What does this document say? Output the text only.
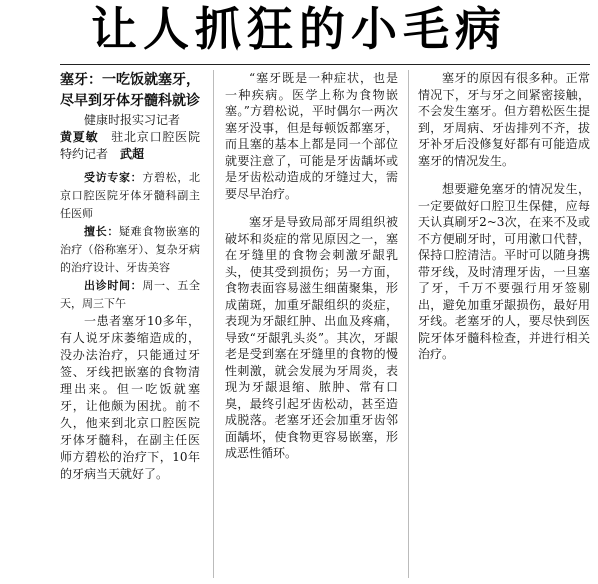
让人抓狂的小毛病

塞牙：一吃饭就塞牙，尽早到牙体牙髓科就诊

健康时报实习记者

黄夏敏　 驻北京口腔医院特约记者　 武超

受访专家：方碧松，北京口腔医院牙体牙髓科副主任医师

擅长：疑难食物嵌塞的治疗（俗称塞牙）、复杂牙病的治疗设计、牙齿美容

出诊时间：周一、五全天，周三下午

一患者塞牙10多年，有人说牙床萎缩造成的，没办法治疗，只能通过牙签、牙线把嵌塞的食物清理出来。但一吃饭就塞牙，让他颇为困扰。前不久，他来到北京口腔医院牙体牙髓科，在副主任医师方碧松的治疗下，10年的牙病当天就好了。

“塞牙既是一种症状，也是一种疾病。医学上称为食物嵌塞。”方碧松说，平时偶尔一两次塞牙没事，但是每顿饭都塞牙，而且塞的基本上都是同一个部位就要注意了，可能是牙齿龋坏或是牙齿松动造成的牙缝过大，需要尽早治疗。

塞牙是导致局部牙周组织被破坏和炎症的常见原因之一，塞在牙缝里的食物会刺激牙龈乳头，使其受到损伤；另一方面，食物表面容易滋生细菌聚集，形成菌斑，加重牙龈组织的炎症，表现为牙龈红肿、出血及疼痛，导致“牙龈乳头炎”。其次，牙龈老是受到塞在牙缝里的食物的慢性刺激，就会发展为牙周炎，表现为牙龈退缩、脓肿、常有口臭，最终引起牙齿松动，甚至造成脱落。老塞牙还会加重牙齿邻面龋坏，使食物更容易嵌塞，形成恶性循环。

塞牙的原因有很多种。正常情况下，牙与牙之间紧密接触，不会发生塞牙。但方碧松医生提到，牙周病、牙齿排列不齐，拔牙补牙后没修复好都有可能造成塞牙的情况发生。

想要避免塞牙的情况发生，一定要做好口腔卫生保健，应每天认真刷牙2~3次，在来不及或不方便刷牙时，可用漱口代替，保持口腔清洁。平时可以随身携带牙线，及时清理牙齿，一旦塞了牙，千万不要强行用牙签剔出，避免加重牙龈损伤，最好用牙线。老塞牙的人，要尽快到医院牙体牙髓科检查，并进行相关治疗。
